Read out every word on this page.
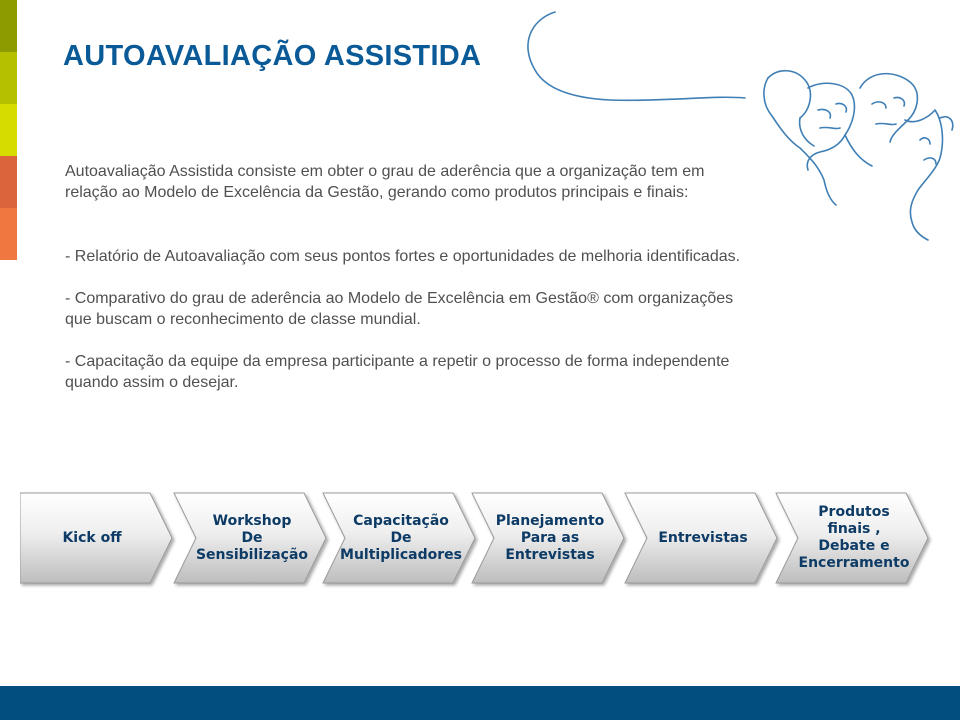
AUTOAVALIAÇÃO ASSISTIDA

Autoavaliação Assistida consiste em obter o grau de aderência que a organização tem em relação ao Modelo de Excelência da Gestão, gerando como produtos principais e finais:

- Relatório de Autoavaliação com seus pontos fortes e oportunidades de melhoria identificadas.

- Comparativo do grau de aderência ao Modelo de Excelência em Gestão® com organizações que buscam o reconhecimento de classe mundial.

- Capacitação da equipe da empresa participante a repetir o processo de forma independente quando assim o desejar.

Kick off
Workshop
De
Sensibilização
Capacitação
De
Multiplicadores
Planejamento
Para as
Entrevistas
Entrevistas
Produtos finais ,
Debate e
Encerramento
